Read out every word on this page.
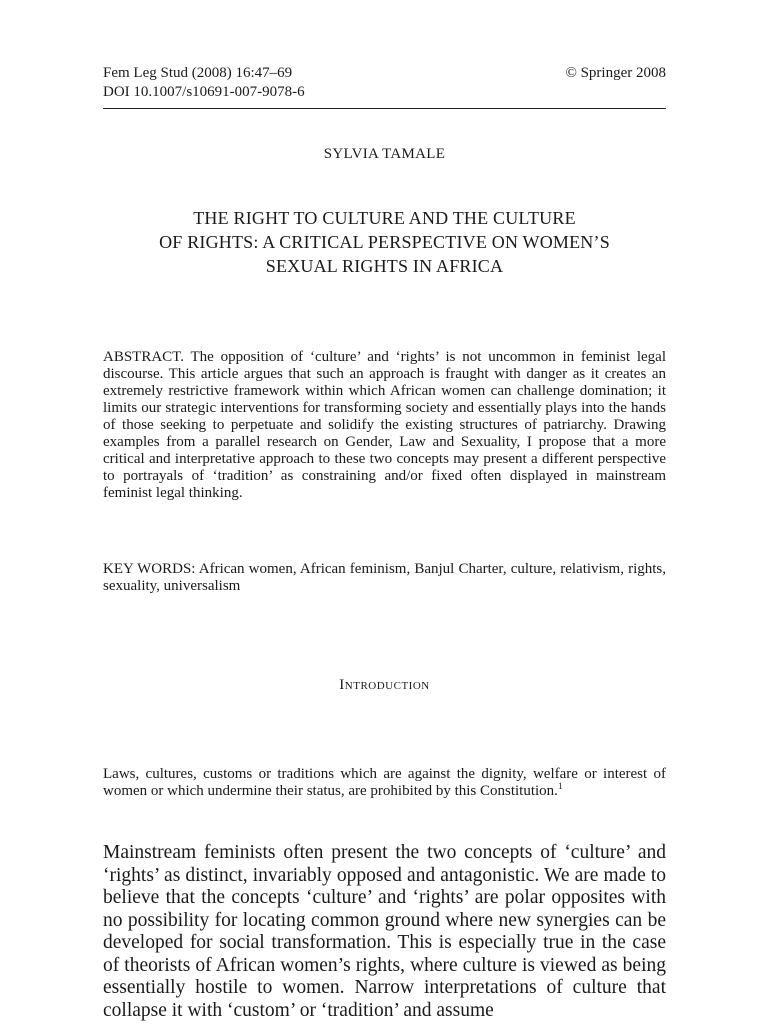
Fem Leg Stud (2008) 16:47–69
DOI 10.1007/s10691-007-9078-6
© Springer 2008
SYLVIA TAMALE
THE RIGHT TO CULTURE AND THE CULTURE
OF RIGHTS: A CRITICAL PERSPECTIVE ON WOMEN’S
SEXUAL RIGHTS IN AFRICA
ABSTRACT. The opposition of ‘culture’ and ‘rights’ is not uncommon in feminist legal discourse. This article argues that such an approach is fraught with danger as it creates an extremely restrictive framework within which African women can challenge domination; it limits our strategic interventions for transforming society and essentially plays into the hands of those seeking to perpetuate and solidify the existing structures of patriarchy. Drawing examples from a parallel research on Gender, Law and Sexuality, I propose that a more critical and interpretative approach to these two concepts may present a different perspective to portrayals of ‘tradition’ as constraining and/or fixed often displayed in mainstream feminist legal thinking.
KEY WORDS: African women, African feminism, Banjul Charter, culture, relativism, rights, sexuality, universalism
Introduction
Laws, cultures, customs or traditions which are against the dignity, welfare or interest of women or which undermine their status, are prohibited by this Constitution.$^1$
Mainstream feminists often present the two concepts of ‘culture’ and ‘rights’ as distinct, invariably opposed and antagonistic. We are made to believe that the concepts ‘culture’ and ‘rights’ are polar opposites with no possibility for locating common ground where new synergies can be developed for social transformation. This is especially true in the case of theorists of African women’s rights, where culture is viewed as being essentially hostile to women. Narrow interpretations of culture that collapse it with ‘custom’ or ‘tradition’ and assume
